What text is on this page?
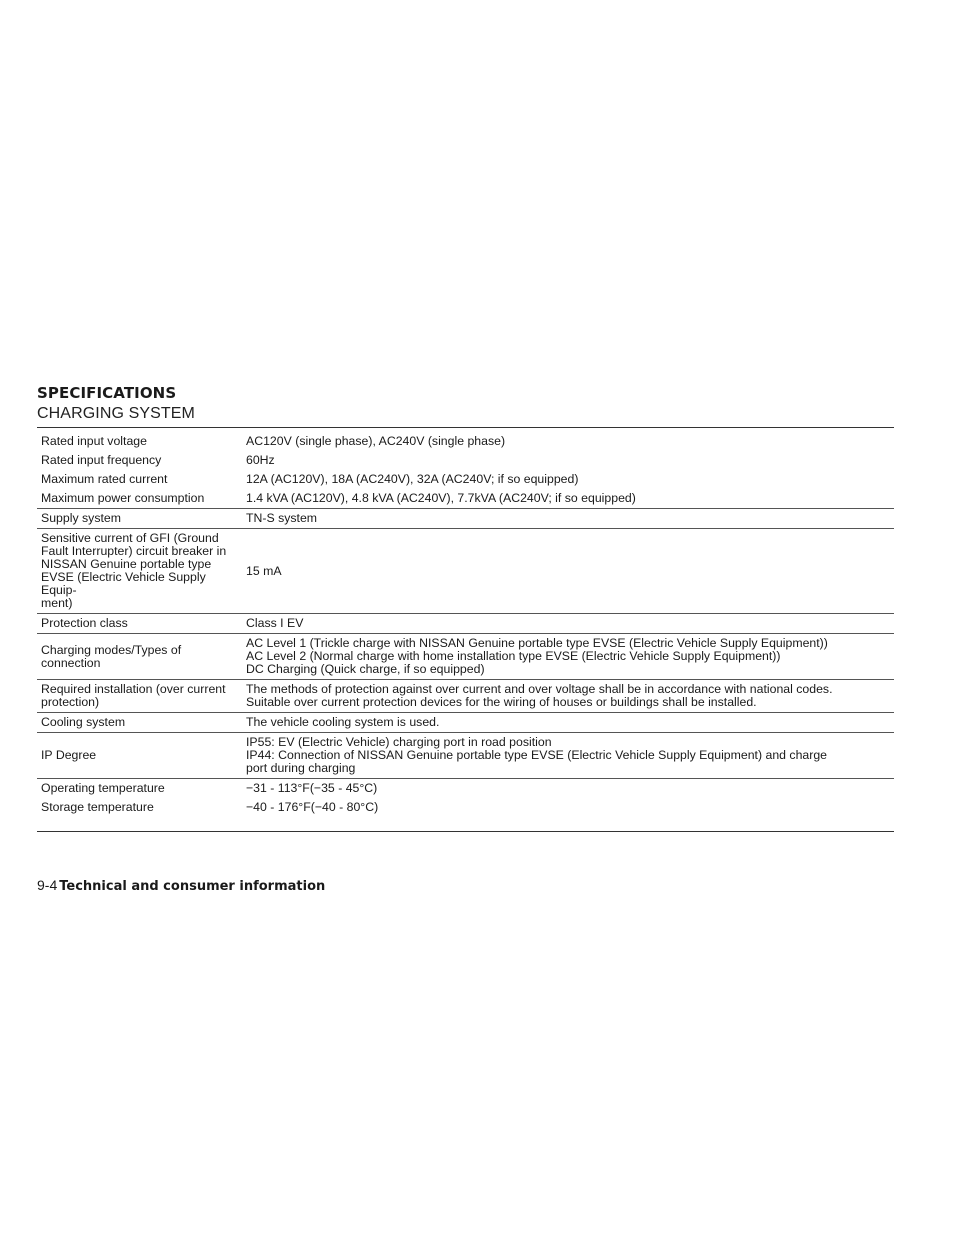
SPECIFICATIONS
CHARGING SYSTEM
Rated input voltage	AC120V (single phase), AC240V (single phase)

Rated input frequency	60Hz

Maximum rated current	12A (AC120V), 18A (AC240V), 32A (AC240V; if so equipped)

Maximum power consumption	1.4 kVA (AC120V), 4.8 kVA (AC240V), 7.7kVA (AC240V; if so equipped)

Supply system	TN-S system

Sensitive current of GFI (Ground
Fault Interrupter) circuit breaker in
NISSAN Genuine portable type
EVSE (Electric Vehicle Supply Equip-
ment)	15 mA

Protection class	Class I EV

Charging modes/Types of connection	AC Level 1 (Trickle charge with NISSAN Genuine portable type EVSE (Electric Vehicle Supply Equipment))
AC Level 2 (Normal charge with home installation type EVSE (Electric Vehicle Supply Equipment))
DC Charging (Quick charge, if so equipped)

Required installation (over current
protection)	The methods of protection against over current and over voltage shall be in accordance with national codes.
Suitable over current protection devices for the wiring of houses or buildings shall be installed.

Cooling system	The vehicle cooling system is used.

IP Degree	IP55: EV (Electric Vehicle) charging port in road position
IP44: Connection of NISSAN Genuine portable type EVSE (Electric Vehicle Supply Equipment) and charge
port during charging

Operating temperature	−31 - 113°F(−35 - 45°C)

Storage temperature	−40 - 176°F(−40 - 80°C)
9-4 Technical and consumer information
